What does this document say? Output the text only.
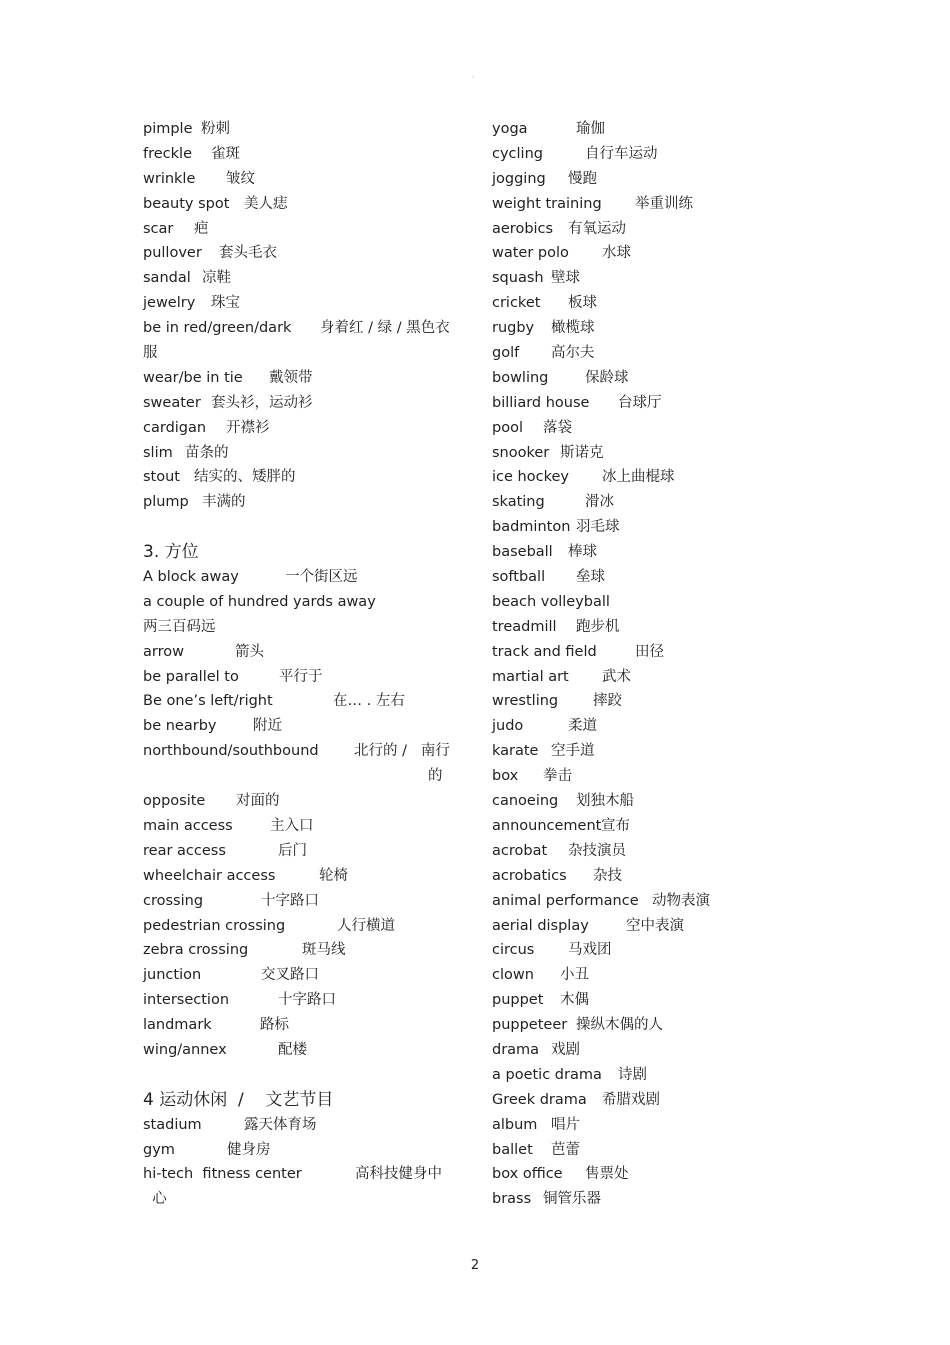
。
pimple 粉刺
freckle 雀斑
wrinkle 皱纹
beauty spot 美人痣
scar 疤
pullover 套头毛衣
sandal 凉鞋
jewelry 珠宝
be in red/green/dark 身着红 / 绿 / 黑色衣
服
wear/be in tie 戴领带
sweater 套头衫，运动衫
cardigan 开襟衫
slim 苗条的
stout 结实的、矮胖的
plump 丰满的
3. 方位
A block away	一个街区远
a couple of hundred yards away
两三百码远
arrow	箭头
be parallel to	平行于
Be one’s left/right	在… . 左右
be nearby	附近
northbound/southbound 北行的 /   南行
的
opposite 对面的
main access	主入口
rear access	后门
wheelchair access	轮椅
crossing	十字路口
pedestrian crossing	人行横道
zebra crossing	斑马线
junction	交叉路口
intersection	十字路口
landmark	路标
wing/annex	配楼
4 运动休闲  /    文艺节目
stadium	露天体育场
gym	健身房
hi-tech  fitness center	高科技健身中
心
yoga	瑜伽
cycling	自行车运动
jogging 慢跑
weight training 举重训练
aerobics 有氧运动
water polo 水球
squash 壁球
cricket 板球
rugby 橄榄球
golf 高尔夫
bowling	保龄球
billiard house 台球厅
pool 落袋
snooker 斯诺克
ice hockey 冰上曲棍球
skating	滑冰
badminton 羽毛球
baseball 棒球
softball 垒球
beach volleyball
treadmill 跑步机
track and field	田径
martial art 武术
wrestling 摔跤
judo	柔道
karate 空手道
box 拳击
canoeing 划独木船
announcement 宣布
acrobat 杂技演员
acrobatics 杂技
animal performance 动物表演
aerial display	空中表演
circus 马戏团
clown 小丑
puppet 木偶
puppeteer 操纵木偶的人
drama 戏剧
a poetic drama 诗剧
Greek drama 希腊戏剧
album 唱片
ballet 芭蕾
box office 售票处
brass 铜管乐器
2
